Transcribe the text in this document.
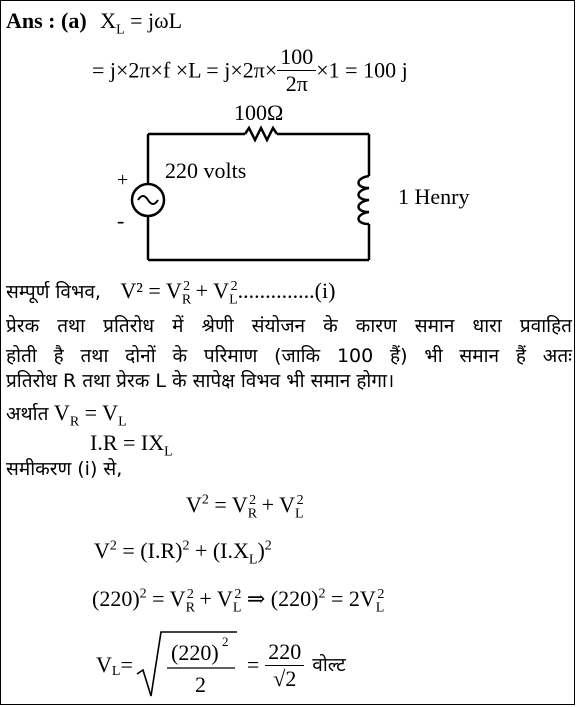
Ans : (a) $X_L = j\omega L$
= $j\times 2\pi\times f \times L = j\times 2\pi\times \frac{100}{2\pi} \times 1 = 100$ j
100Ω
220 volts
1 Henry
+
-
सम्पूर्ण विभव, $V^2 = V_R^2 + V_L^2..............(i)$
प्रेरक तथा प्रतिरोध में श्रेणी संयोजन के कारण समान धारा प्रवाहित
होती है तथा दोनों के परिमाण (जाकि 100 हैं) भी समान हैं अतः
प्रतिरोध R तथा प्रेरक L के सापेक्ष विभव भी समान होगा।
अर्थात $V_R = V_L$
$I.R = IX_L$
समीकरण (i) से,
$V^2 = V_R^2 + V_L^2$
$V^2 = (I.R)^2 + (I.X_L)^2$
$(220)^2 = V_R^2 + V_L^2$ ⇒ $(220)^2 = 2V_L^2$
V L = (220) 2
2
= $\frac{220}{√2}$ वोल्ट
